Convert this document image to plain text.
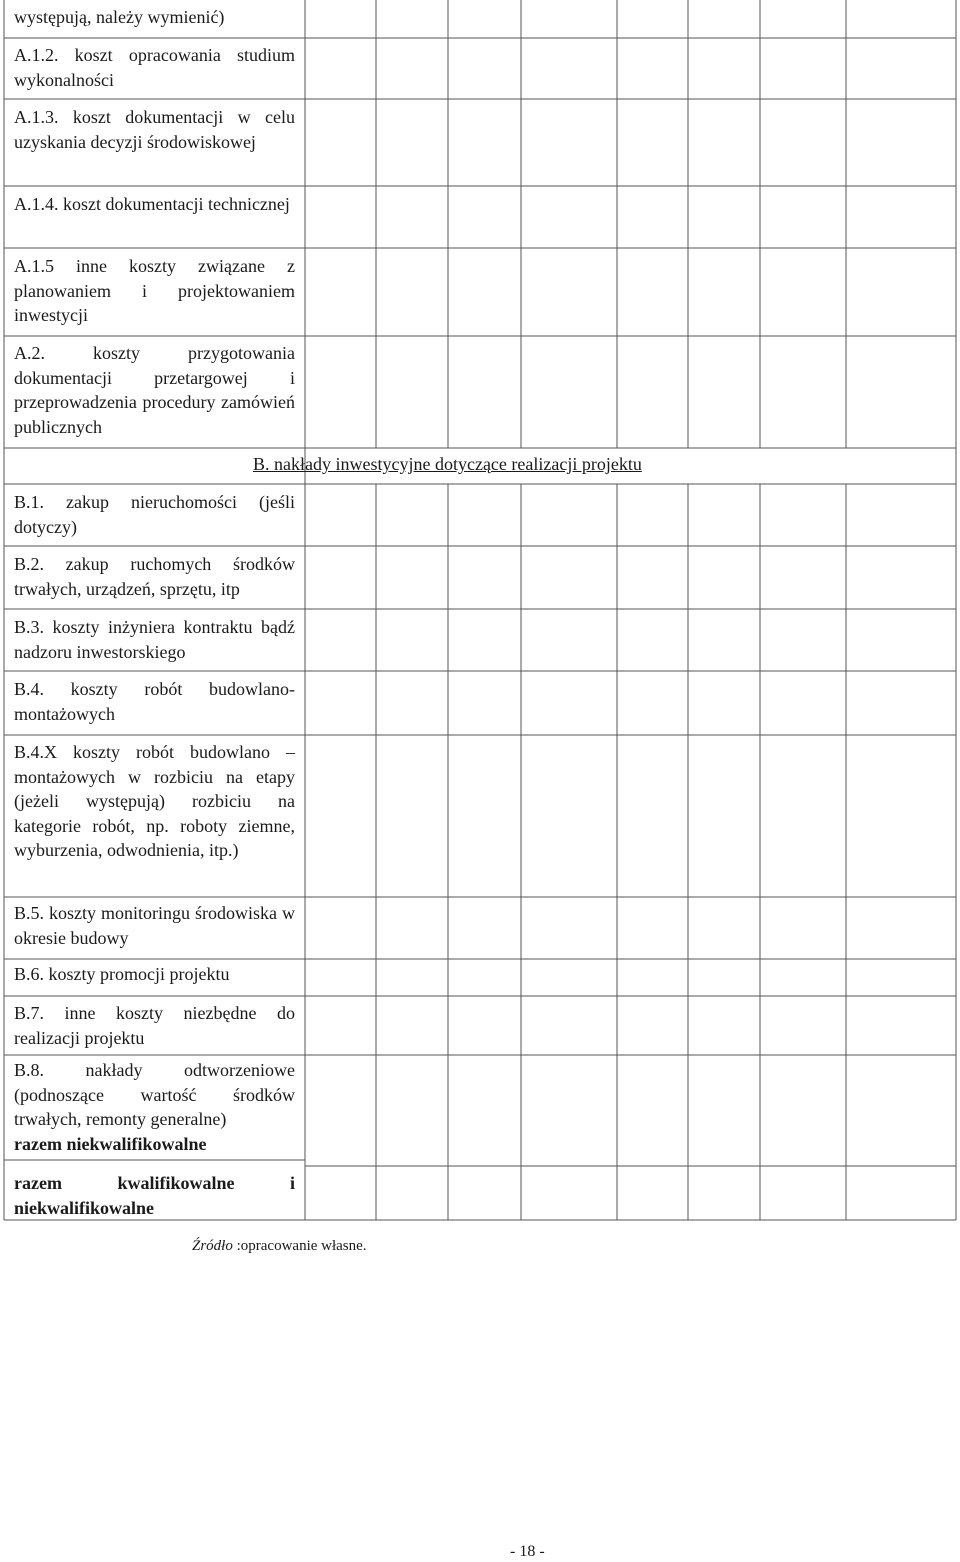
występują, należy wymienić)
A.1.2. koszt opracowania studium wykonalności
A.1.3. koszt dokumentacji w celu uzyskania decyzji środowiskowej
A.1.4. koszt dokumentacji technicznej
A.1.5 inne koszty związane z planowaniem i projektowaniem inwestycji
A.2. koszty przygotowania dokumentacji przetargowej i przeprowadzenia procedury zamówień publicznych
B.1. zakup nieruchomości (jeśli dotyczy)
B.2. zakup ruchomych środków trwałych, urządzeń, sprzętu, itp
B.3. koszty inżyniera kontraktu bądź nadzoru inwestorskiego
B.4. koszty robót budowlano-montażowych
B.4.X koszty robót budowlano – montażowych w rozbiciu na etapy (jeżeli występują) rozbiciu na kategorie robót, np. roboty ziemne, wyburzenia, odwodnienia, itp.)
B.5. koszty monitoringu środowiska w okresie budowy
B.6. koszty promocji projektu
B.7. inne koszty niezbędne do realizacji projektu
B.8. nakłady odtworzeniowe (podnoszące wartość środków trwałych, remonty generalne)
razem niekwalifikowalne
razem kwalifikowalne i niekwalifikowalne
B. nakłady inwestycyjne dotyczące realizacji projektu
Źródło :opracowanie własne.
- 18 -
